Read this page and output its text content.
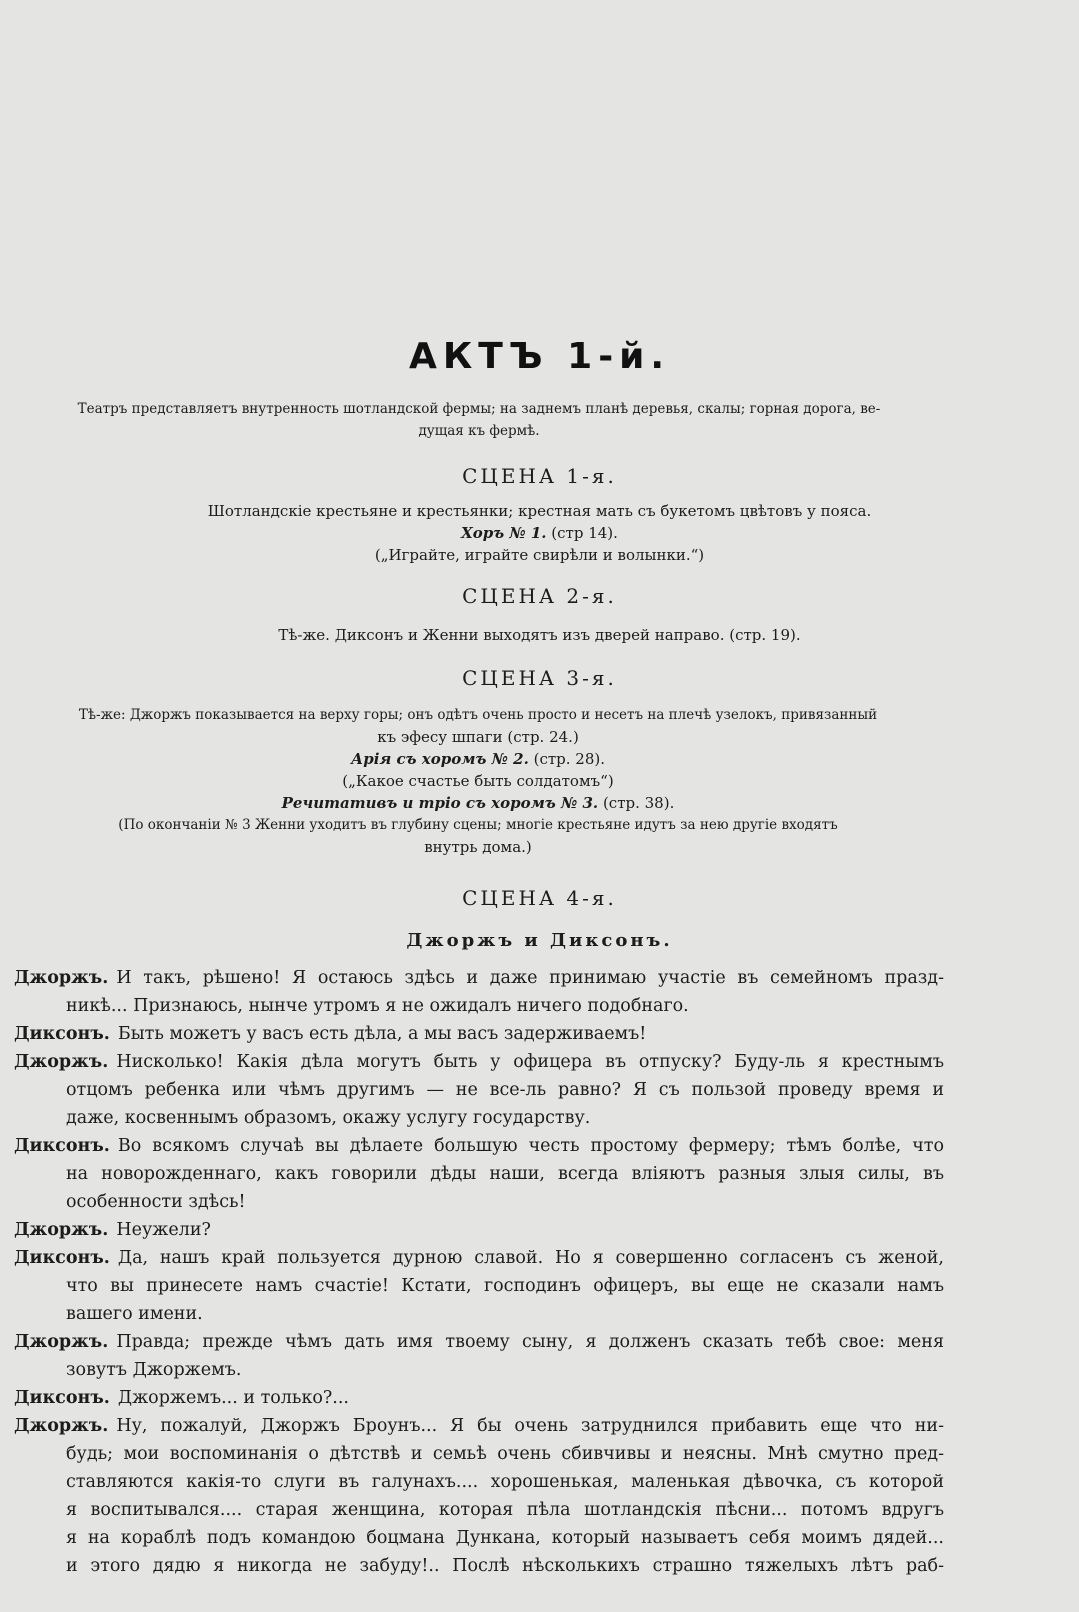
АКТЪ 1-й.
Театръ представляетъ внутренность шотландской фермы; на заднемъ планѣ деревья, скалы; горная дорога, ве-
дущая къ фермѣ.
СЦЕНА 1-я.
Шотландскіе крестьяне и крестьянки; крестная мать съ букетомъ цвѣтовъ у пояса.
Хоръ № 1. (стр 14).
(„Играйте, играйте свирѣли и волынки.“)
СЦЕНА 2-я.
Тѣ-же. Диксонъ и Женни выходятъ изъ дверей направо. (стр. 19).
СЦЕНА 3-я.
Тѣ-же: Джоржъ показывается на верху горы; онъ одѣтъ очень просто и несетъ на плечѣ узелокъ, привязанный
къ эфесу шпаги (стр. 24.)
Арія съ хоромъ № 2. (стр. 28).
(„Какое счастье быть солдатомъ“)
Речитативъ и тріо съ хоромъ № 3. (стр. 38).
(По окончаніи № 3 Женни уходитъ въ глубину сцены; многіе крестьяне идутъ за нею другіе входятъ
внутрь дома.)
СЦЕНА 4-я.
Джоржъ и Диксонъ.
Джоржъ. И такъ, рѣшено! Я остаюсь здѣсь и даже принимаю участіе въ семейномъ празд-
никѣ... Признаюсь, нынче утромъ я не ожидалъ ничего подобнаго.
Диксонъ. Быть можетъ у васъ есть дѣла, а мы васъ задерживаемъ!
Джоржъ. Нисколько! Какія дѣла могутъ быть у офицера въ отпуску? Буду-ль я крестнымъ
отцомъ ребенка или чѣмъ другимъ — не все-ль равно? Я съ пользой проведу время и
даже, косвеннымъ образомъ, окажу услугу государству.
Диксонъ. Во всякомъ случаѣ вы дѣлаете большую честь простому фермеру; тѣмъ болѣе, что
на новорожденнаго, какъ говорили дѣды наши, всегда вліяютъ разныя злыя силы, въ
особенности здѣсь!
Джоржъ. Неужели?
Диксонъ. Да, нашъ край пользуется дурною славой. Но я совершенно согласенъ съ женой,
что вы принесете намъ счастіе! Кстати, господинъ офицеръ, вы еще не сказали намъ
вашего имени.
Джоржъ. Правда; прежде чѣмъ дать имя твоему сыну, я долженъ сказать тебѣ свое: меня
зовутъ Джоржемъ.
Диксонъ. Джоржемъ... и только?...
Джоржъ. Ну, пожалуй, Джоржъ Броунъ... Я бы очень затруднился прибавить еще что ни-
будь; мои воспоминанія о дѣтствѣ и семьѣ очень сбивчивы и неясны. Мнѣ смутно пред-
ставляются какія-то слуги въ галунахъ.... хорошенькая, маленькая дѣвочка, съ которой
я воспитывался.... старая женщина, которая пѣла шотландскія пѣсни... потомъ вдругъ
я на кораблѣ подъ командою боцмана Дункана, который называетъ себя моимъ дядей...
и этого дядю я никогда не забуду!.. Послѣ нѣсколькихъ страшно тяжелыхъ лѣтъ раб-
